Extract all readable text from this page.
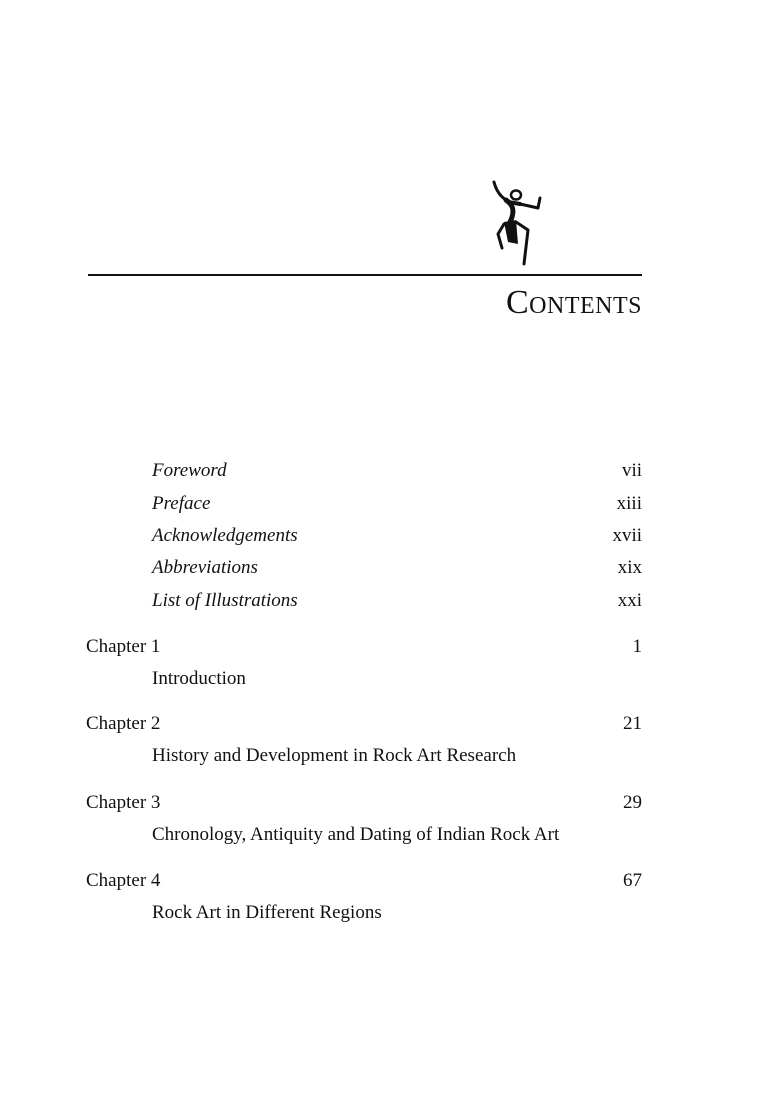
Contents
Foreword	vii
Preface	xiii
Acknowledgements	xvii
Abbreviations	xix
List of Illustrations	xxi
Chapter 1	1
Introduction
Chapter 2	21
History and Development in Rock Art Research
Chapter 3	29
Chronology, Antiquity and Dating of Indian Rock Art
Chapter 4	67
Rock Art in Different Regions
